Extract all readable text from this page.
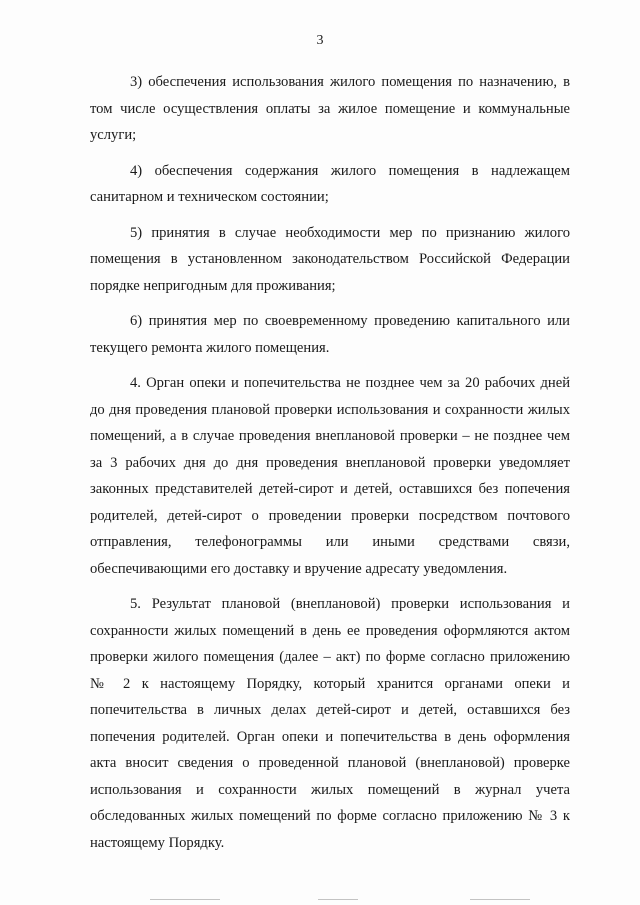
3

3) обеспечения использования жилого помещения по назначению, в том числе осуществления оплаты за жилое помещение и коммунальные услуги;

4) обеспечения содержания жилого помещения в надлежащем санитарном и техническом состоянии;

5) принятия в случае необходимости мер по признанию жилого помещения в установленном законодательством Российской Федерации порядке непригодным для проживания;

6) принятия мер по своевременному проведению капитального или текущего ремонта жилого помещения.

4. Орган опеки и попечительства не позднее чем за 20 рабочих дней до дня проведения плановой проверки использования и сохранности жилых помещений, а в случае проведения внеплановой проверки – не позднее чем за 3 рабочих дня до дня проведения внеплановой проверки уведомляет законных представителей детей-сирот и детей, оставшихся без попечения родителей, детей-сирот о проведении проверки посредством почтового отправления, телефонограммы или иными средствами связи, обеспечивающими его доставку и вручение адресату уведомления.

5. Результат плановой (внеплановой) проверки использования и сохранности жилых помещений в день ее проведения оформляются актом проверки жилого помещения (далее – акт) по форме согласно приложению № 2 к настоящему Порядку, который хранится органами опеки и попечительства в личных делах детей-сирот и детей, оставшихся без попечения родителей. Орган опеки и попечительства в день оформления акта вносит сведения о проведенной плановой (внеплановой) проверке использования и сохранности жилых помещений в журнал учета обследованных жилых помещений по форме согласно приложению № 3 к настоящему Порядку.
